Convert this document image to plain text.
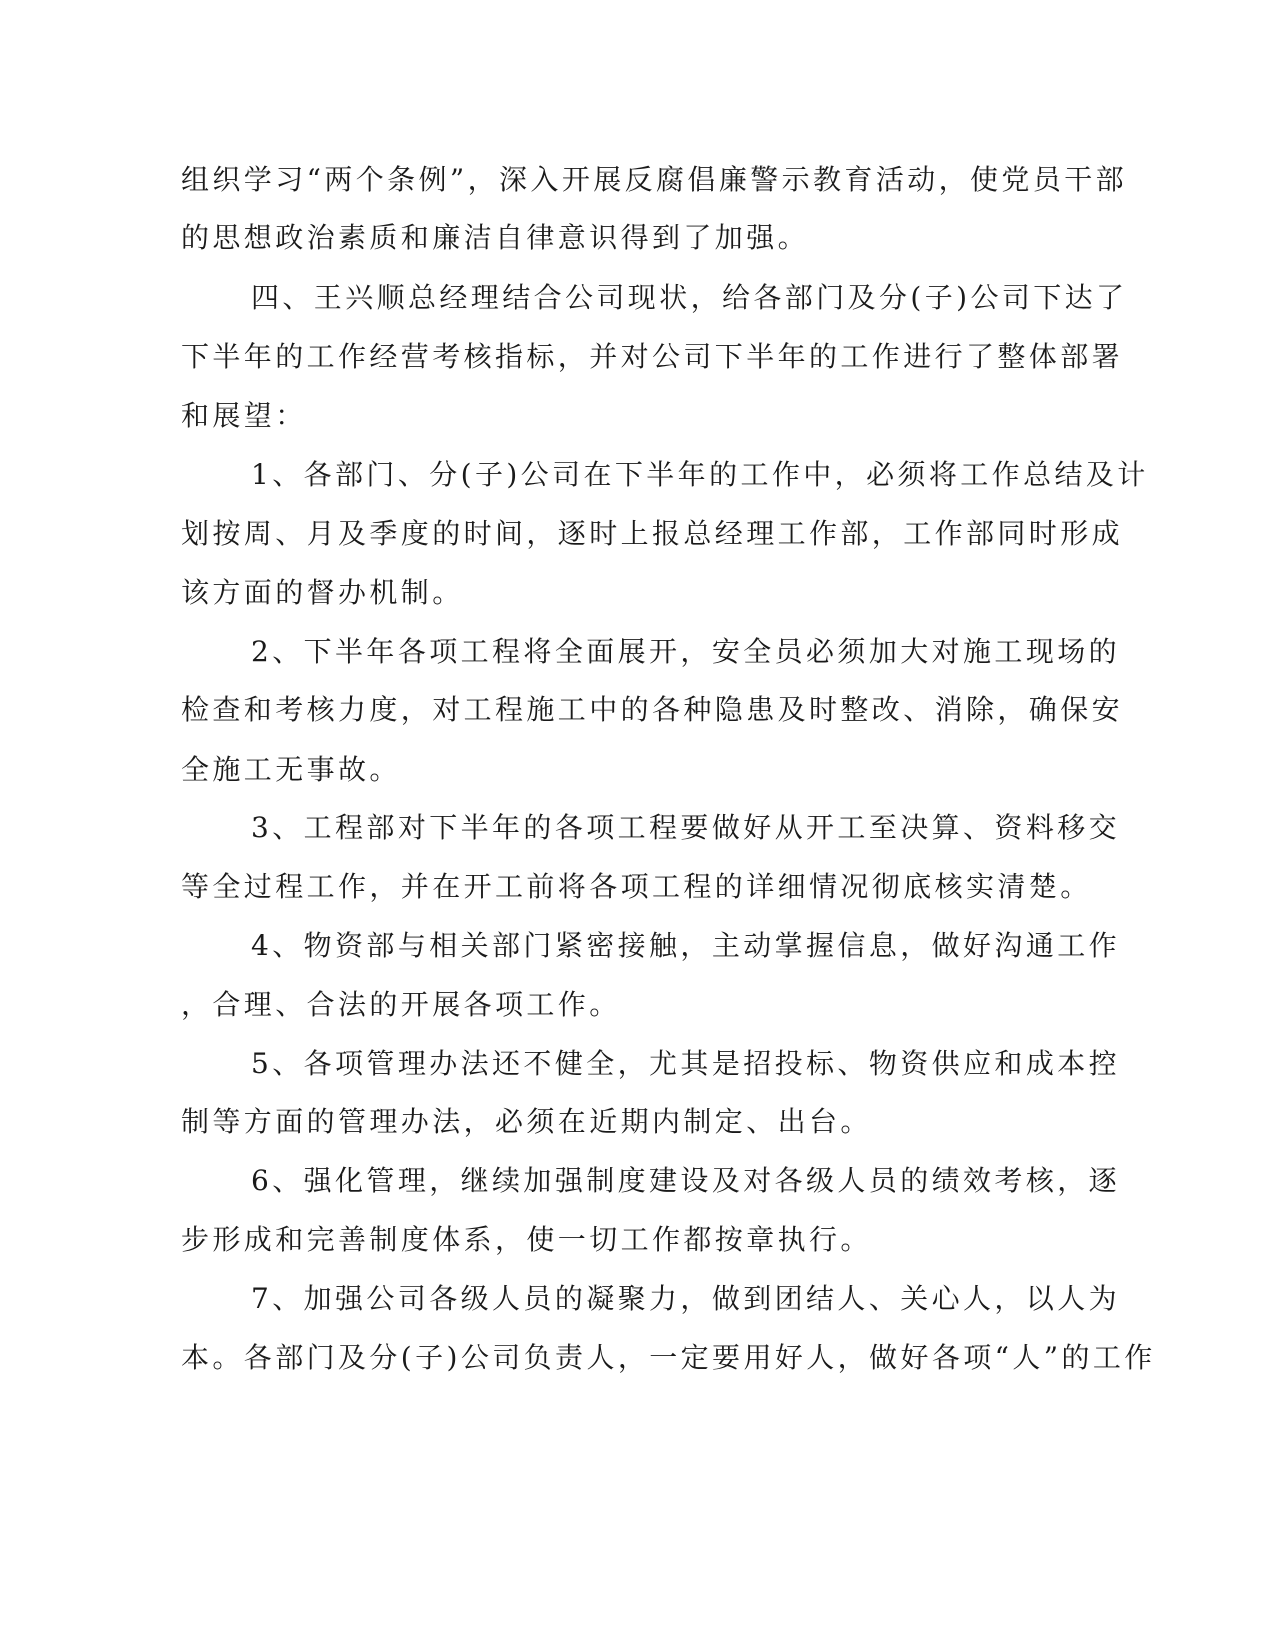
组织学习“两个条例”，深入开展反腐倡廉警示教育活动，使党员干部
的思想政治素质和廉洁自律意识得到了加强。
四、王兴顺总经理结合公司现状，给各部门及分(子)公司下达了
下半年的工作经营考核指标，并对公司下半年的工作进行了整体部署
和展望：
1、各部门、分(子)公司在下半年的工作中，必须将工作总结及计
划按周、月及季度的时间，逐时上报总经理工作部，工作部同时形成
该方面的督办机制。
2、下半年各项工程将全面展开，安全员必须加大对施工现场的
检查和考核力度，对工程施工中的各种隐患及时整改、消除，确保安
全施工无事故。
3、工程部对下半年的各项工程要做好从开工至决算、资料移交
等全过程工作，并在开工前将各项工程的详细情况彻底核实清楚。
4、物资部与相关部门紧密接触，主动掌握信息，做好沟通工作
，合理、合法的开展各项工作。
5、各项管理办法还不健全，尤其是招投标、物资供应和成本控
制等方面的管理办法，必须在近期内制定、出台。
6、强化管理，继续加强制度建设及对各级人员的绩效考核，逐
步形成和完善制度体系，使一切工作都按章执行。
7、加强公司各级人员的凝聚力，做到团结人、关心人，以人为
本。各部门及分(子)公司负责人，一定要用好人，做好各项“人”的工作
